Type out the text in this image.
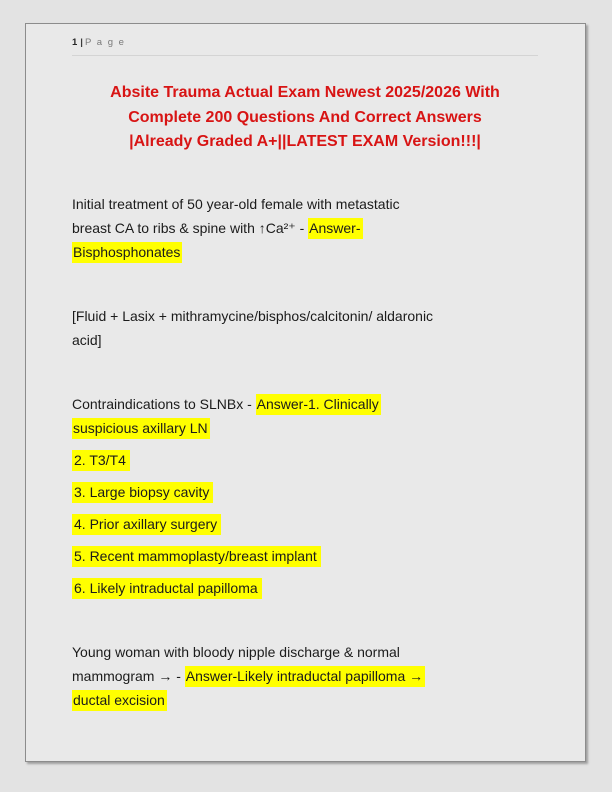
1 | P a g e
Absite Trauma Actual Exam Newest 2025/2026 With
Complete 200 Questions And Correct Answers
|Already Graded A+||LATEST EXAM Version!!!|

Initial treatment of 50 year-old female with metastatic
breast CA to ribs & spine with ↑Ca²⁺ - Answer-
Bisphosphonates

[Fluid + Lasix + mithramycine/bisphos/calcitonin/ aldaronic
acid]

Contraindications to SLNBx - Answer-1. Clinically
suspicious axillary LN

2. T3/T4

3. Large biopsy cavity

4. Prior axillary surgery

5. Recent mammoplasty/breast implant

6. Likely intraductal papilloma

Young woman with bloody nipple discharge & normal
mammogram → - Answer-Likely intraductal papilloma →
ductal excision
